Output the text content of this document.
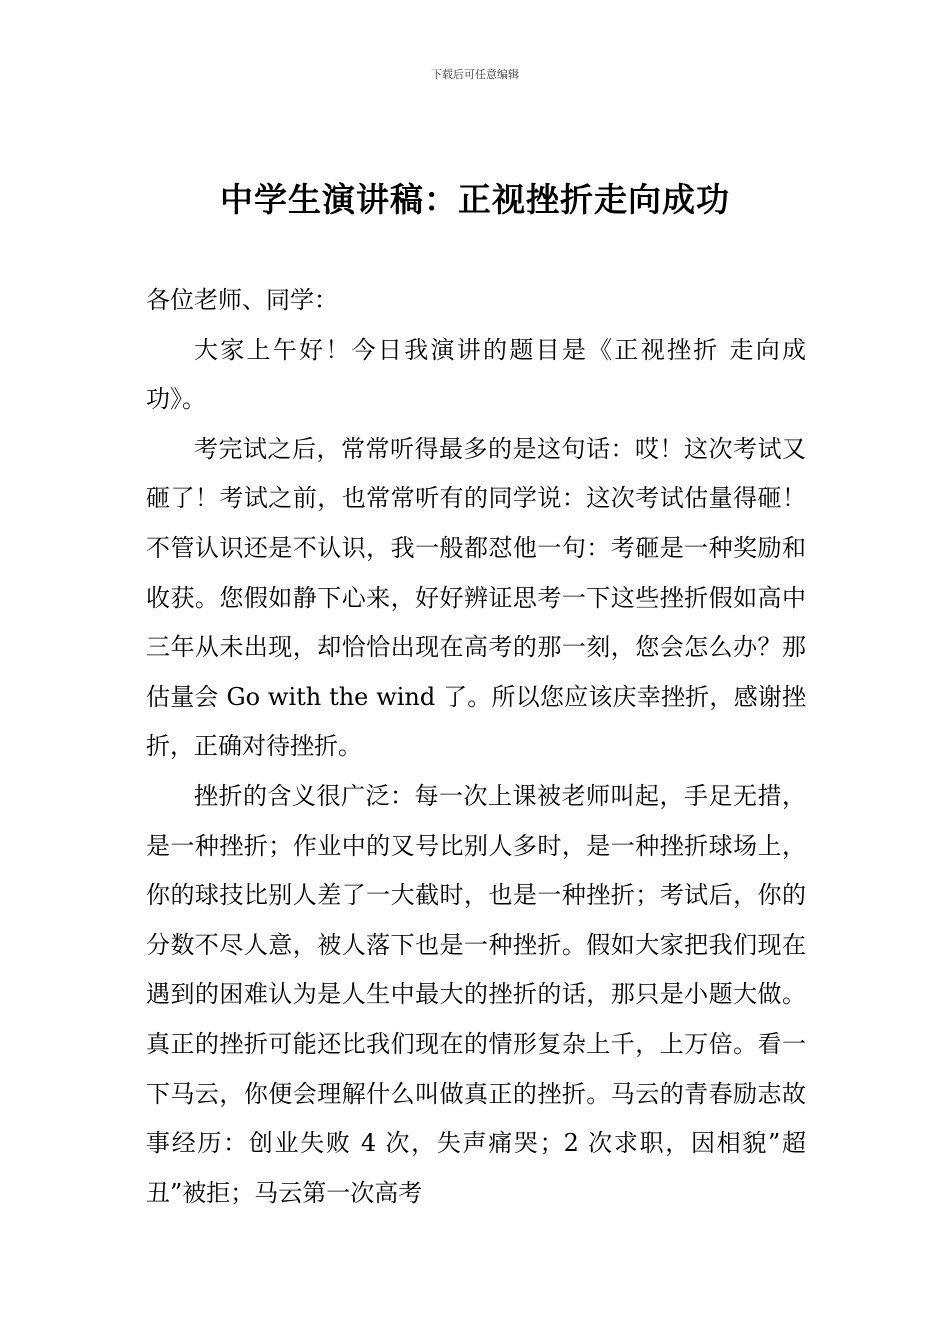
下载后可任意编辑
中学生演讲稿：正视挫折走向成功

各位老师、同学：

大家上午好！今日我演讲的题目是《正视挫折 走向成功》。

考完试之后，常常听得最多的是这句话：哎！这次考试又砸了！考试之前，也常常听有的同学说：这次考试估量得砸！不管认识还是不认识，我一般都怼他一句：考砸是一种奖励和收获。您假如静下心来，好好辨证思考一下这些挫折假如高中三年从未出现，却恰恰出现在高考的那一刻，您会怎么办？那估量会 Go with the wind 了。所以您应该庆幸挫折，感谢挫折，正确对待挫折。

挫折的含义很广泛：每一次上课被老师叫起，手足无措，是一种挫折；作业中的叉号比别人多时，是一种挫折球场上，你的球技比别人差了一大截时，也是一种挫折；考试后，你的分数不尽人意，被人落下也是一种挫折。假如大家把我们现在遇到的困难认为是人生中最大的挫折的话，那只是小题大做。真正的挫折可能还比我们现在的情形复杂上千，上万倍。看一下马云，你便会理解什么叫做真正的挫折。马云的青春励志故事经历：创业失败 4 次，失声痛哭；2 次求职，因相貌”超丑”被拒；马云第一次高考
